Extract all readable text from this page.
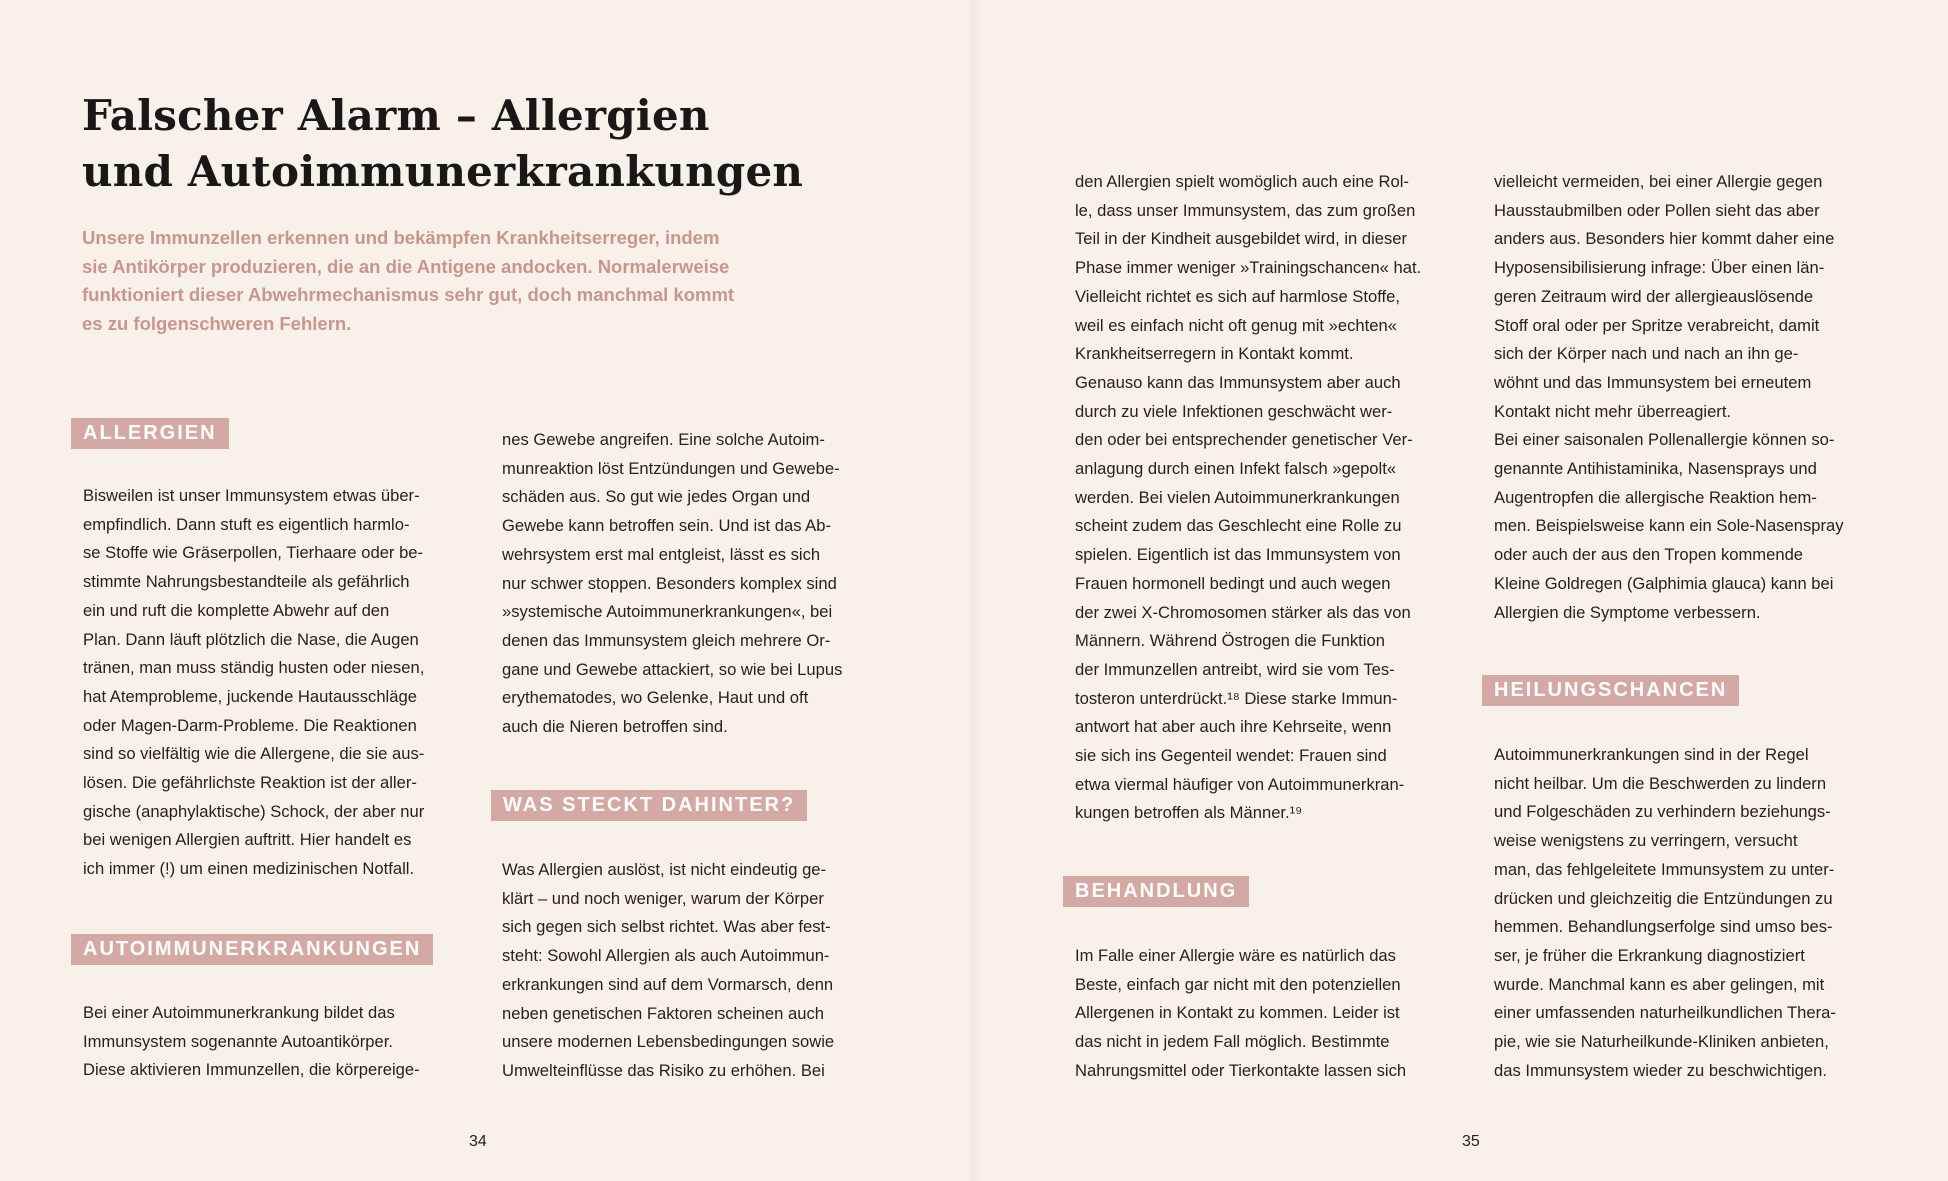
Falscher Alarm – Allergien
und Autoimmunerkrankungen

Unsere Immunzellen erkennen und bekämpfen Krankheitserreger, indem
sie Antikörper produzieren, die an die Antigene andocken. Normalerweise
funktioniert dieser Abwehrmechanismus sehr gut, doch manchmal kommt
es zu folgenschweren Fehlern.

ALLERGIEN
Bisweilen ist unser Immunsystem etwas über-
empfindlich. Dann stuft es eigentlich harmlo-
se Stoffe wie Gräserpollen, Tierhaare oder be-
stimmte Nahrungsbestandteile als gefährlich
ein und ruft die komplette Abwehr auf den
Plan. Dann läuft plötzlich die Nase, die Augen
tränen, man muss ständig husten oder niesen,
hat Atemprobleme, juckende Hautausschläge
oder Magen-Darm-Probleme. Die Reaktionen
sind so vielfältig wie die Allergene, die sie aus-
lösen. Die gefährlichste Reaktion ist der aller-
gische (anaphylaktische) Schock, der aber nur
bei wenigen Allergien auftritt. Hier handelt es
ich immer (!) um einen medizinischen Notfall.
AUTOIMMUNERKRANKUNGEN
Bei einer Autoimmunerkrankung bildet das
Immunsystem sogenannte Autoantikörper.
Diese aktivieren Immunzellen, die körpereige-
nes Gewebe angreifen. Eine solche Autoim-
munreaktion löst Entzündungen und Gewebe-
schäden aus. So gut wie jedes Organ und
Gewebe kann betroffen sein. Und ist das Ab-
wehrsystem erst mal entgleist, lässt es sich
nur schwer stoppen. Besonders komplex sind
»systemische Autoimmunerkrankungen«, bei
denen das Immunsystem gleich mehrere Or-
gane und Gewebe attackiert, so wie bei Lupus
erythematodes, wo Gelenke, Haut und oft
auch die Nieren betroffen sind.
WAS STECKT DAHINTER?
Was Allergien auslöst, ist nicht eindeutig ge-
klärt – und noch weniger, warum der Körper
sich gegen sich selbst richtet. Was aber fest-
steht: Sowohl Allergien als auch Autoimmun-
erkrankungen sind auf dem Vormarsch, denn
neben genetischen Faktoren scheinen auch
unsere modernen Lebensbedingungen sowie
Umwelteinflüsse das Risiko zu erhöhen. Bei
den Allergien spielt womöglich auch eine Rol-
le, dass unser Immunsystem, das zum großen
Teil in der Kindheit ausgebildet wird, in dieser
Phase immer weniger »Trainingschancen« hat.
Vielleicht richtet es sich auf harmlose Stoffe,
weil es einfach nicht oft genug mit »echten«
Krankheitserregern in Kontakt kommt.
Genauso kann das Immunsystem aber auch
durch zu viele Infektionen geschwächt wer-
den oder bei entsprechender genetischer Ver-
anlagung durch einen Infekt falsch »gepolt«
werden. Bei vielen Autoimmunerkrankungen
scheint zudem das Geschlecht eine Rolle zu
spielen. Eigentlich ist das Immunsystem von
Frauen hormonell bedingt und auch wegen
der zwei X-Chromosomen stärker als das von
Männern. Während Östrogen die Funktion
der Immunzellen antreibt, wird sie vom Tes-
tosteron unterdrückt.¹⁸ Diese starke Immun-
antwort hat aber auch ihre Kehrseite, wenn
sie sich ins Gegenteil wendet: Frauen sind
etwa viermal häufiger von Autoimmunerkran-
kungen betroffen als Männer.¹⁹
BEHANDLUNG
Im Falle einer Allergie wäre es natürlich das
Beste, einfach gar nicht mit den potenziellen
Allergenen in Kontakt zu kommen. Leider ist
das nicht in jedem Fall möglich. Bestimmte
Nahrungsmittel oder Tierkontakte lassen sich
vielleicht vermeiden, bei einer Allergie gegen
Hausstaubmilben oder Pollen sieht das aber
anders aus. Besonders hier kommt daher eine
Hyposensibilisierung infrage: Über einen län-
geren Zeitraum wird der allergieauslösende
Stoff oral oder per Spritze verabreicht, damit
sich der Körper nach und nach an ihn ge-
wöhnt und das Immunsystem bei erneutem
Kontakt nicht mehr überreagiert.
Bei einer saisonalen Pollenallergie können so-
genannte Antihistaminika, Nasensprays und
Augentropfen die allergische Reaktion hem-
men. Beispielsweise kann ein Sole-Nasenspray
oder auch der aus den Tropen kommende
Kleine Goldregen (Galphimia glauca) kann bei
Allergien die Symptome verbessern.
HEILUNGSCHANCEN
Autoimmunerkrankungen sind in der Regel
nicht heilbar. Um die Beschwerden zu lindern
und Folgeschäden zu verhindern beziehungs-
weise wenigstens zu verringern, versucht
man, das fehlgeleitete Immunsystem zu unter-
drücken und gleichzeitig die Entzündungen zu
hemmen. Behandlungserfolge sind umso bes-
ser, je früher die Erkrankung diagnostiziert
wurde. Manchmal kann es aber gelingen, mit
einer umfassenden naturheilkundlichen Thera-
pie, wie sie Naturheilkunde-Kliniken anbieten,
das Immunsystem wieder zu beschwichtigen.
34	35
